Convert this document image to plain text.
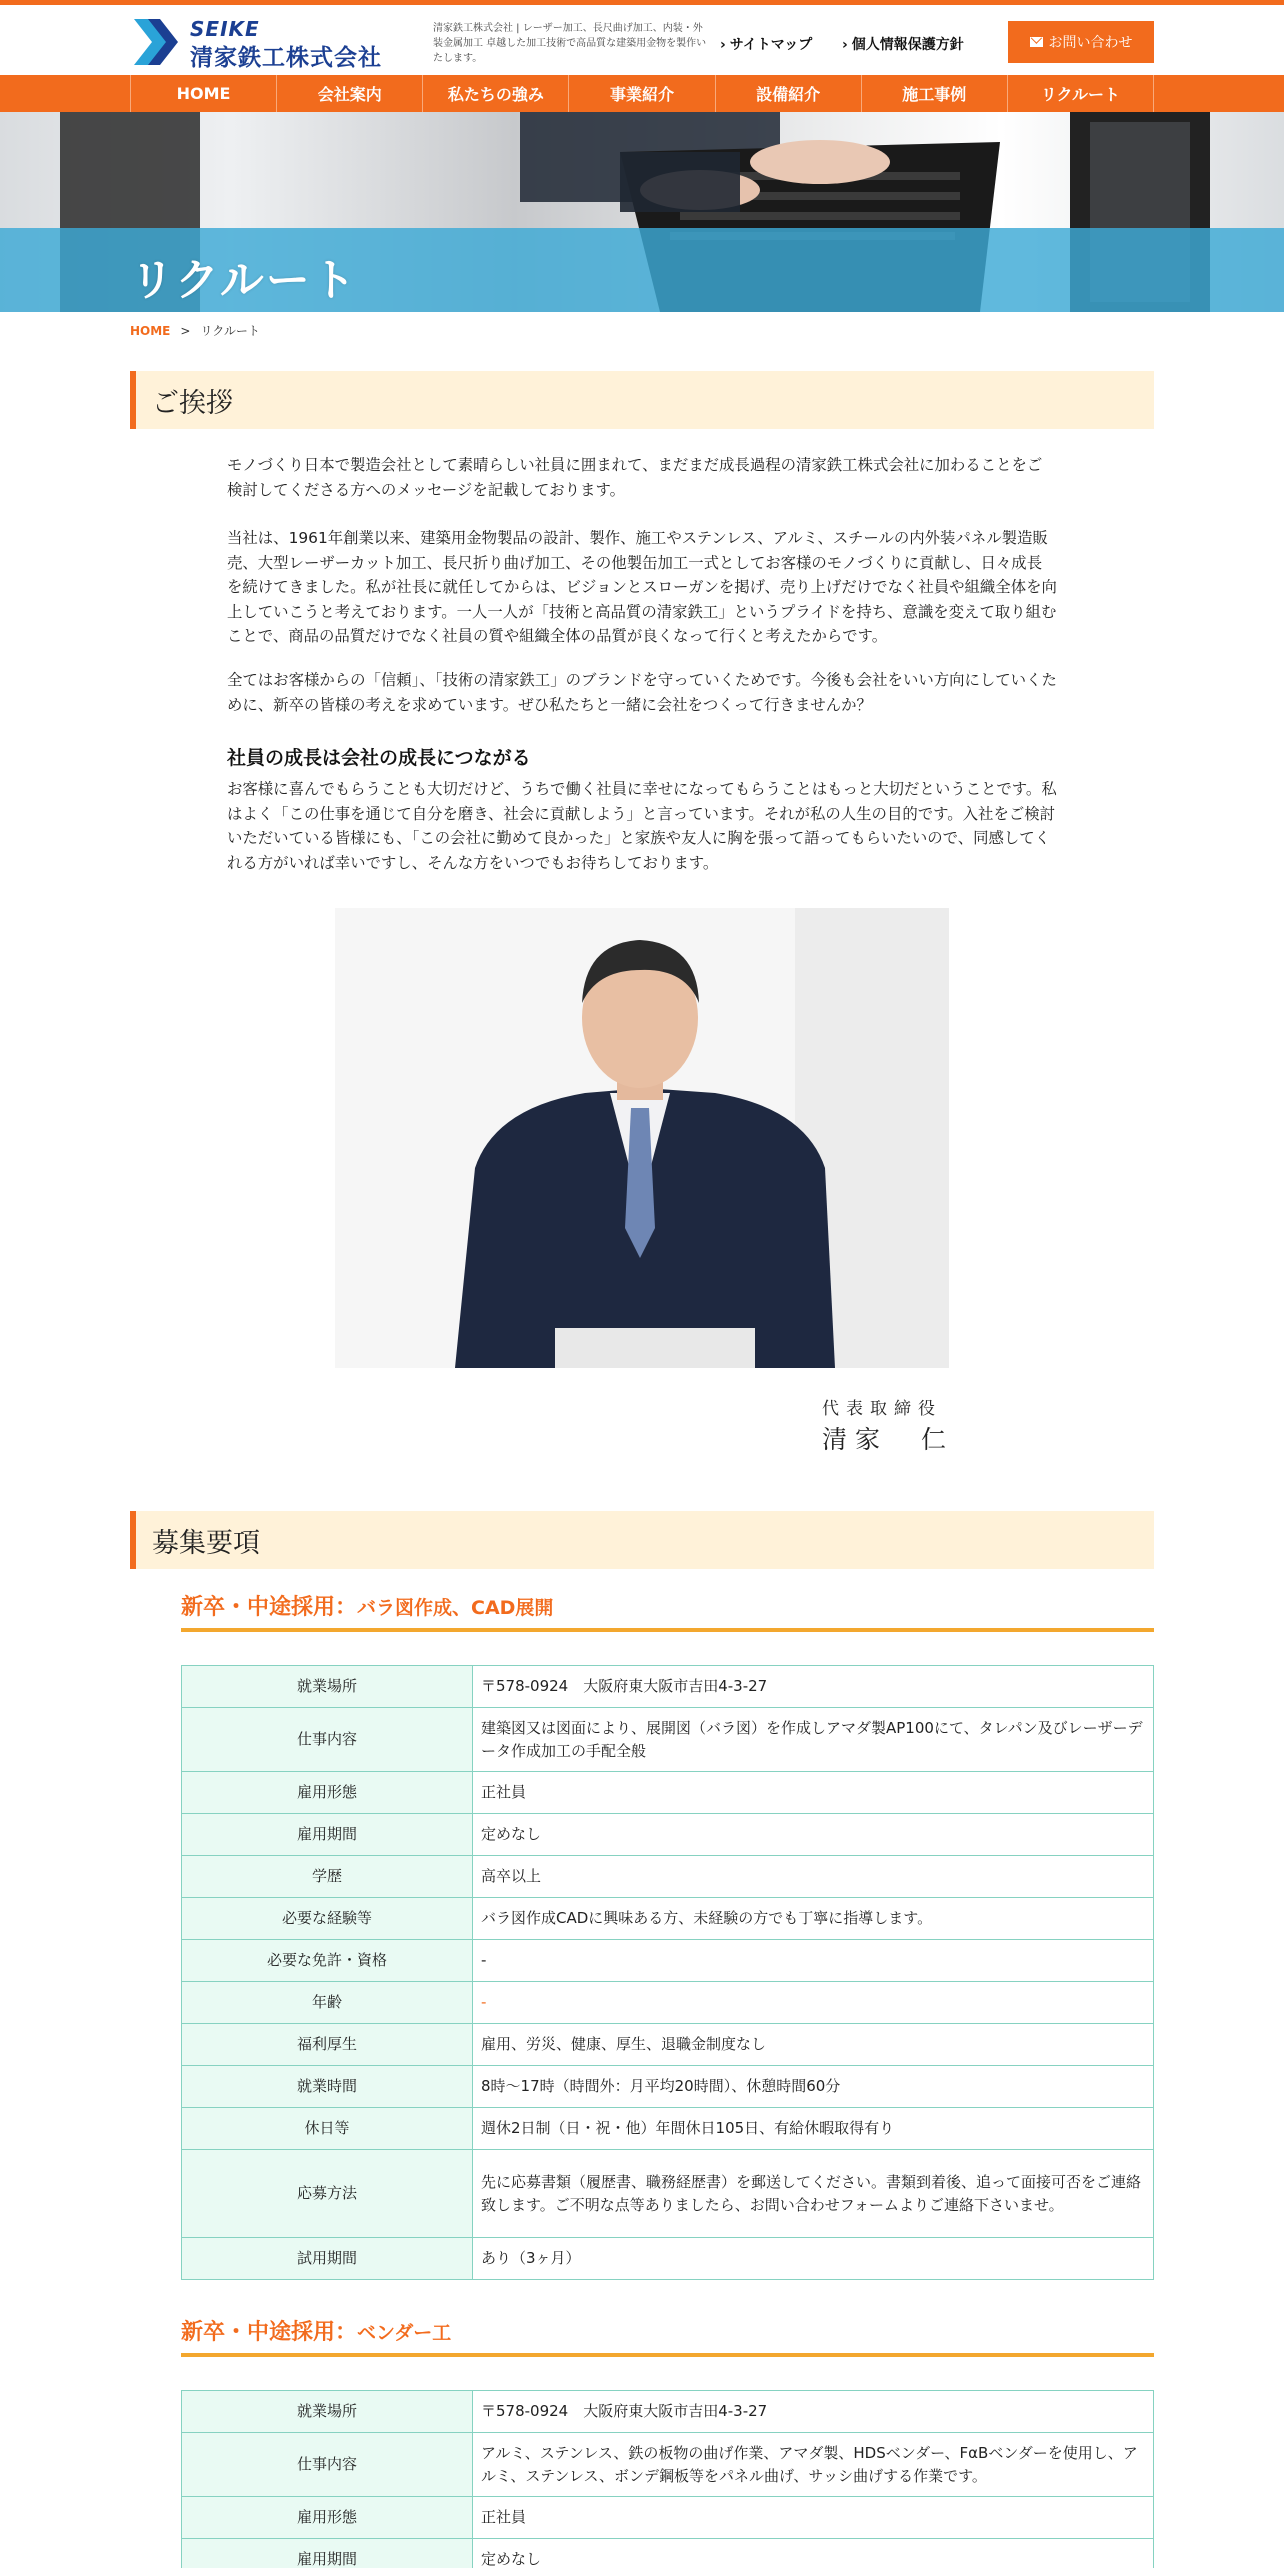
SEIKE
清家鉄工株式会社
清家鉄工株式会社 | レーザー加工、長尺曲げ加工、内装・外装金属加工 卓越した加工技術で高品質な建築用金物を製作いたします。
› サイトマップ › 個人情報保護方針	お問い合わせ
HOME	会社案内	私たちの強み	事業紹介	設備紹介	施工事例	リクルート
リクルート
HOME > リクルート
ご挨拶
モノづくり日本で製造会社として素晴らしい社員に囲まれて、まだまだ成長過程の清家鉄工株式会社に加わることをご検討してくださる方へのメッセージを記載しております。
当社は、1961年創業以来、建築用金物製品の設計、製作、施工やステンレス、アルミ、スチールの内外装パネル製造販売、大型レーザーカット加工、長尺折り曲げ加工、その他製缶加工一式としてお客様のモノづくりに貢献し、日々成長を続けてきました。私が社長に就任してからは、ビジョンとスローガンを掲げ、売り上げだけでなく社員や組織全体を向上していこうと考えております。一人一人が「技術と高品質の清家鉄工」というプライドを持ち、意識を変えて取り組むことで、商品の品質だけでなく社員の質や組織全体の品質が良くなって行くと考えたからです。
全てはお客様からの「信頼」、「技術の清家鉄工」のブランドを守っていくためです。今後も会社をいい方向にしていくために、新卒の皆様の考えを求めています。ぜひ私たちと一緒に会社をつくって行きませんか？
社員の成長は会社の成長につながる
お客様に喜んでもらうことも大切だけど、うちで働く社員に幸せになってもらうことはもっと大切だということです。私はよく「この仕事を通じて自分を磨き、社会に貢献しよう」と言っています。それが私の人生の目的です。入社をご検討いただいている皆様にも、「この会社に勤めて良かった」と家族や友人に胸を張って語ってもらいたいので、同感してくれる方がいれば幸いですし、そんな方をいつでもお待ちしております。
代表取締役
清家　仁
募集要項
新卒・中途採用：バラ図作成、CAD展開
就業場所	〒578-0924　大阪府東大阪市吉田4-3-27
仕事内容	建築図又は図面により、展開図（バラ図）を作成しアマダ製AP100にて、タレパン及びレーザーデータ作成加工の手配全般
雇用形態	正社員
雇用期間	定めなし
学歴	高卒以上
必要な経験等	バラ図作成CADに興味ある方、未経験の方でも丁寧に指導します。
必要な免許・資格	-
年齢	-
福利厚生	雇用、労災、健康、厚生、退職金制度なし
就業時間	8時～17時（時間外：月平均20時間）、休憩時間60分
休日等	週休2日制（日・祝・他）年間休日105日、有給休暇取得有り
応募方法	先に応募書類（履歴書、職務経歴書）を郵送してください。書類到着後、追って面接可否をご連絡致します。ご不明な点等ありましたら、お問い合わせフォームよりご連絡下さいませ。
試用期間	あり（3ヶ月）
新卒・中途採用：ベンダー工
就業場所	〒578-0924　大阪府東大阪市吉田4-3-27
仕事内容	アルミ、ステンレス、鉄の板物の曲げ作業、アマダ製、HDSベンダー、FαBベンダーを使用し、アルミ、ステンレス、ボンデ鋼板等をパネル曲げ、サッシ曲げする作業です。
雇用形態	正社員
雇用期間	定めなし
